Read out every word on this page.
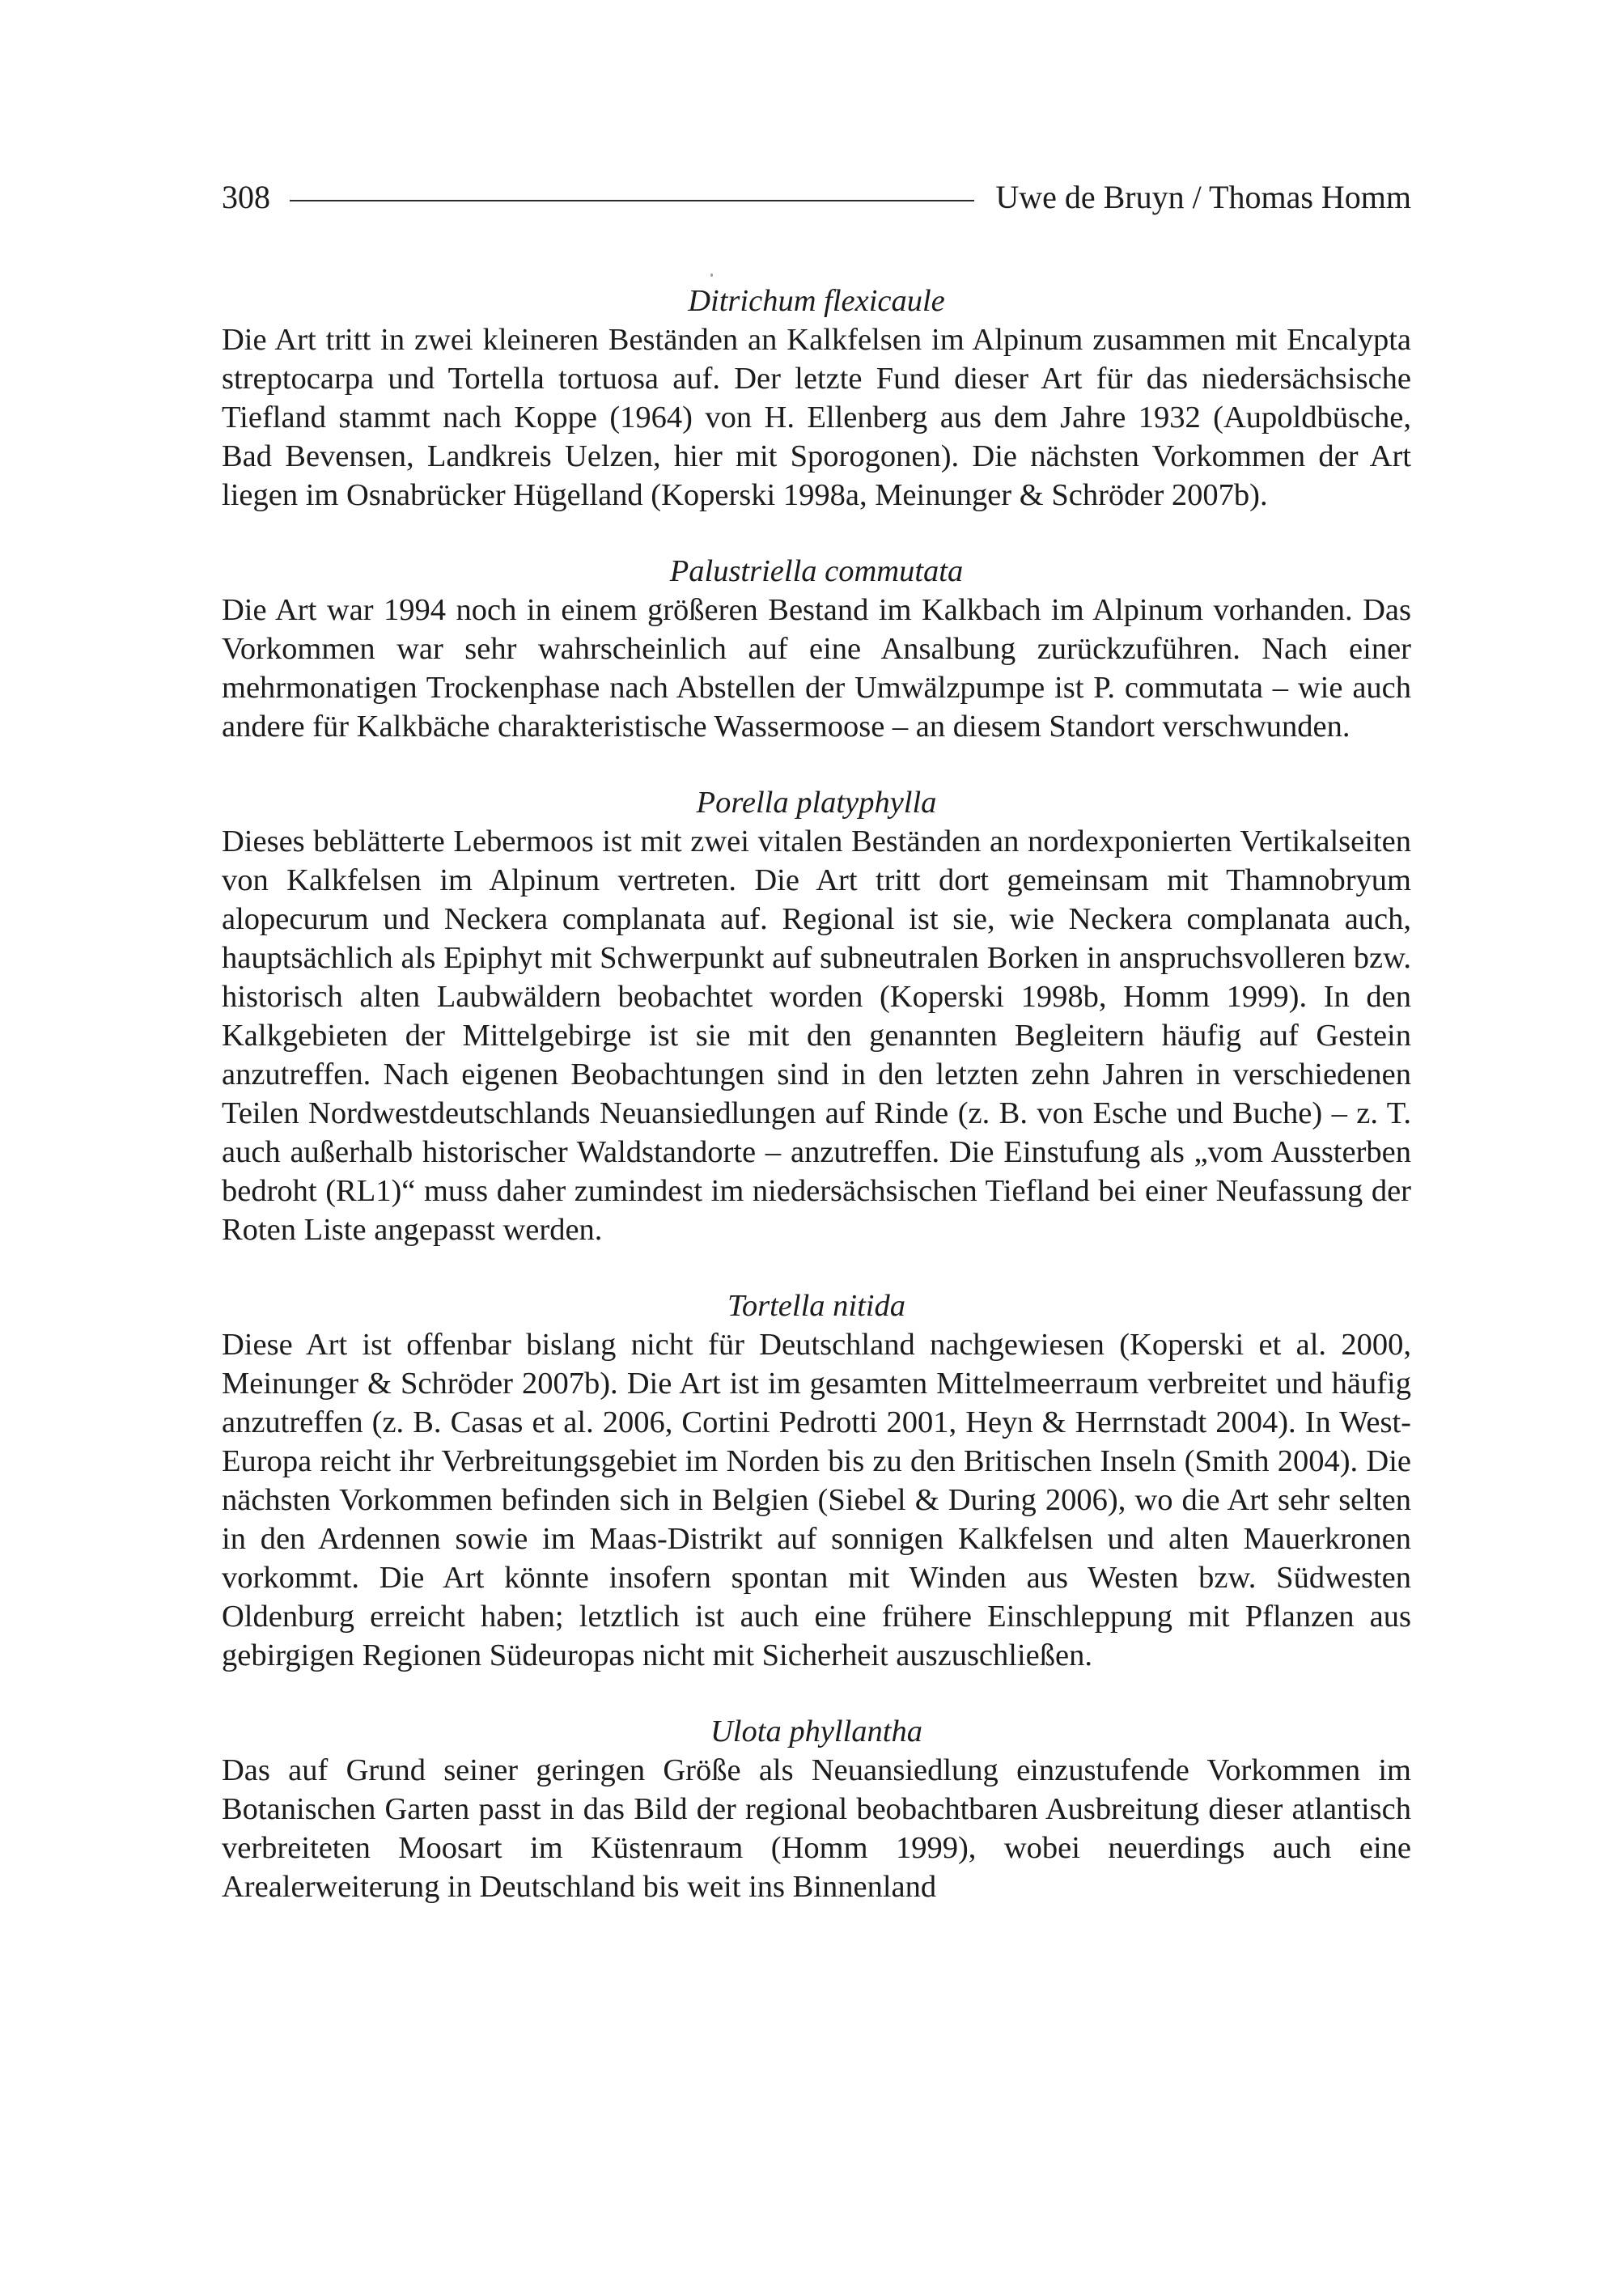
308	Uwe de Bruyn / Thomas Homm
Ditrichum flexicaule

Die Art tritt in zwei kleineren Beständen an Kalkfelsen im Alpinum zusammen mit Encalypta streptocarpa und Tortella tortuosa auf. Der letzte Fund dieser Art für das niedersächsische Tiefland stammt nach Koppe (1964) von H. Ellenberg aus dem Jahre 1932 (Aupoldbüsche, Bad Bevensen, Landkreis Uelzen, hier mit Sporogonen). Die nächsten Vorkommen der Art liegen im Osnabrücker Hügelland (Koperski 1998a, Meinunger & Schröder 2007b).

Palustriella commutata

Die Art war 1994 noch in einem größeren Bestand im Kalkbach im Alpinum vorhanden. Das Vorkommen war sehr wahrscheinlich auf eine Ansalbung zurückzuführen. Nach einer mehrmonatigen Trockenphase nach Abstellen der Umwälzpumpe ist P. commutata – wie auch andere für Kalkbäche charakteristische Wassermoose – an diesem Standort verschwunden.

Porella platyphylla

Dieses beblätterte Lebermoos ist mit zwei vitalen Beständen an nordexponierten Vertikalseiten von Kalkfelsen im Alpinum vertreten. Die Art tritt dort gemeinsam mit Thamnobryum alopecurum und Neckera complanata auf. Regional ist sie, wie Neckera complanata auch, hauptsächlich als Epiphyt mit Schwerpunkt auf subneutralen Borken in anspruchsvolleren bzw. historisch alten Laubwäldern beobachtet worden (Koperski 1998b, Homm 1999). In den Kalkgebieten der Mittelgebirge ist sie mit den genannten Begleitern häufig auf Gestein anzutreffen. Nach eigenen Beobachtungen sind in den letzten zehn Jahren in verschiedenen Teilen Nordwestdeutschlands Neuansiedlungen auf Rinde (z. B. von Esche und Buche) – z. T. auch außerhalb historischer Waldstandorte – anzutreffen. Die Einstufung als „vom Aussterben bedroht (RL1)“ muss daher zumindest im niedersächsischen Tiefland bei einer Neufassung der Roten Liste angepasst werden.

Tortella nitida

Diese Art ist offenbar bislang nicht für Deutschland nachgewiesen (Koperski et al. 2000, Meinunger & Schröder 2007b). Die Art ist im gesamten Mittelmeerraum verbreitet und häufig anzutreffen (z. B. Casas et al. 2006, Cortini Pedrotti 2001, Heyn & Herrnstadt 2004). In West-Europa reicht ihr Verbreitungsgebiet im Norden bis zu den Britischen Inseln (Smith 2004). Die nächsten Vorkommen befinden sich in Belgien (Siebel & During 2006), wo die Art sehr selten in den Ardennen sowie im Maas-Distrikt auf sonnigen Kalkfelsen und alten Mauerkronen vorkommt. Die Art könnte insofern spontan mit Winden aus Westen bzw. Südwesten Oldenburg erreicht haben; letztlich ist auch eine frühere Einschleppung mit Pflanzen aus gebirgigen Regionen Südeuropas nicht mit Sicherheit auszuschließen.

Ulota phyllantha

Das auf Grund seiner geringen Größe als Neuansiedlung einzustufende Vorkommen im Botanischen Garten passt in das Bild der regional beobachtbaren Ausbreitung dieser atlantisch verbreiteten Moosart im Küstenraum (Homm 1999), wobei neuerdings auch eine Arealerweiterung in Deutschland bis weit ins Binnenland
